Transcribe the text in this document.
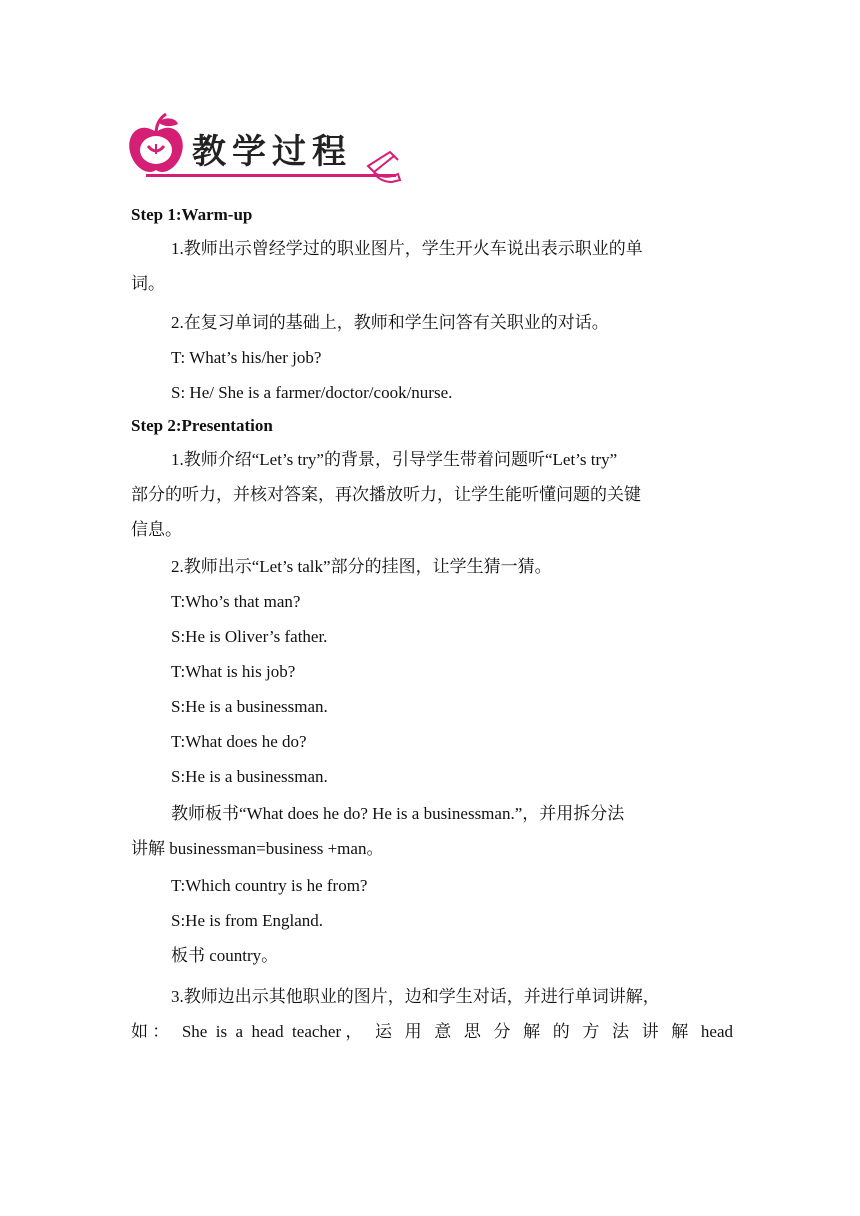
教学过程

Step 1:Warm-up

1.教师出示曾经学过的职业图片，学生开火车说出表示职业的单

词。

2.在复习单词的基础上，教师和学生问答有关职业的对话。

T: What’s his/her job?

S: He/ She is a farmer/doctor/cook/nurse.

Step 2:Presentation

1.教师介绍“Let’s try”的背景，引导学生带着问题听“Let’s try”

部分的听力，并核对答案，再次播放听力，让学生能听懂问题的关键

信息。

2.教师出示“Let’s talk”部分的挂图，让学生猜一猜。

T:Who’s that man?

S:He is Oliver’s father.

T:What is his job?

S:He is a businessman.

T:What does he do?

S:He is a businessman.

教师板书“What does he do? He is a businessman.”，并用拆分法

讲解 businessman=business +man。

T:Which country is he from?

S:He is from England.

板书 country。

3.教师边出示其他职业的图片，边和学生对话，并进行单词讲解，

如： She is a head teacher， 运 用 意 思 分 解 的 方 法 讲 解 head
